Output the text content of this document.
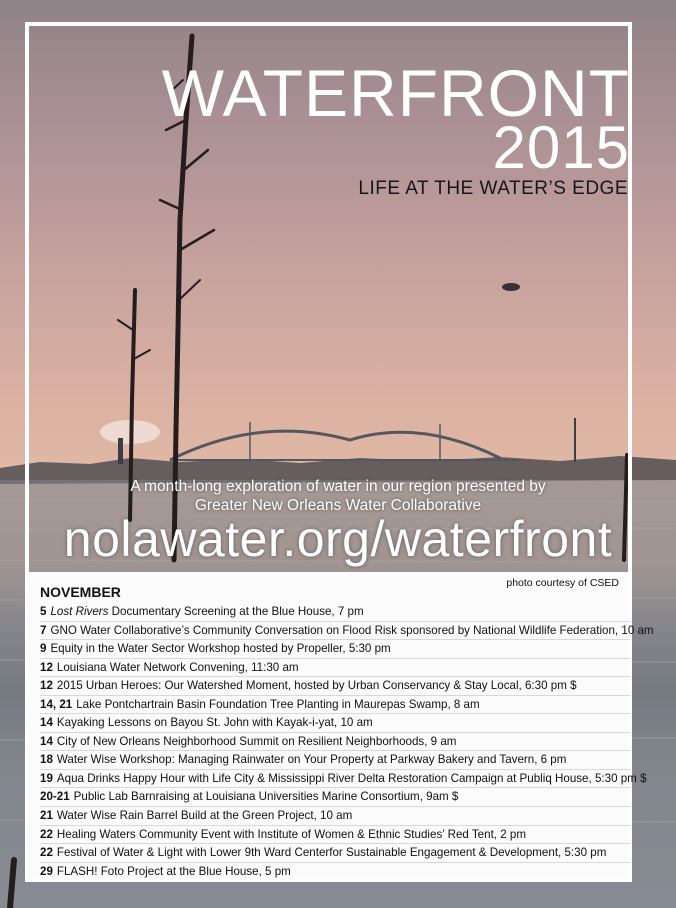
WATERFRONT
2015
LIFE AT THE WATER’S EDGE
A month-long exploration of water in our region presented by
Greater New Orleans Water Collaborative
nolawater.org/waterfront
photo courtesy of CSED
NOVEMBER
5 Lost Rivers Documentary Screening at the Blue House, 7 pm
7 GNO Water Collaborative’s Community Conversation on Flood Risk sponsored by National Wildlife Federation, 10 am
9 Equity in the Water Sector Workshop hosted by Propeller, 5:30 pm
12 Louisiana Water Network Convening, 11:30 am
12 2015 Urban Heroes: Our Watershed Moment, hosted by Urban Conservancy & Stay Local, 6:30 pm $
14, 21 Lake Pontchartrain Basin Foundation Tree Planting in Maurepas Swamp, 8 am
14 Kayaking Lessons on Bayou St. John with Kayak-i-yat, 10 am
14 City of New Orleans Neighborhood Summit on Resilient Neighborhoods, 9 am
18 Water Wise Workshop: Managing Rainwater on Your Property at Parkway Bakery and Tavern, 6 pm
19 Aqua Drinks Happy Hour with Life City & Mississippi River Delta Restoration Campaign at Publiq House, 5:30 pm $
20-21 Public Lab Barnraising at Louisiana Universities Marine Consortium, 9am $
21 Water Wise Rain Barrel Build at the Green Project, 10 am
22 Healing Waters Community Event with Institute of Women & Ethnic Studies’ Red Tent, 2 pm
22 Festival of Water & Light with Lower 9th Ward Centerfor Sustainable Engagement & Development, 5:30 pm
29 FLASH! Foto Project at the Blue House, 5 pm
